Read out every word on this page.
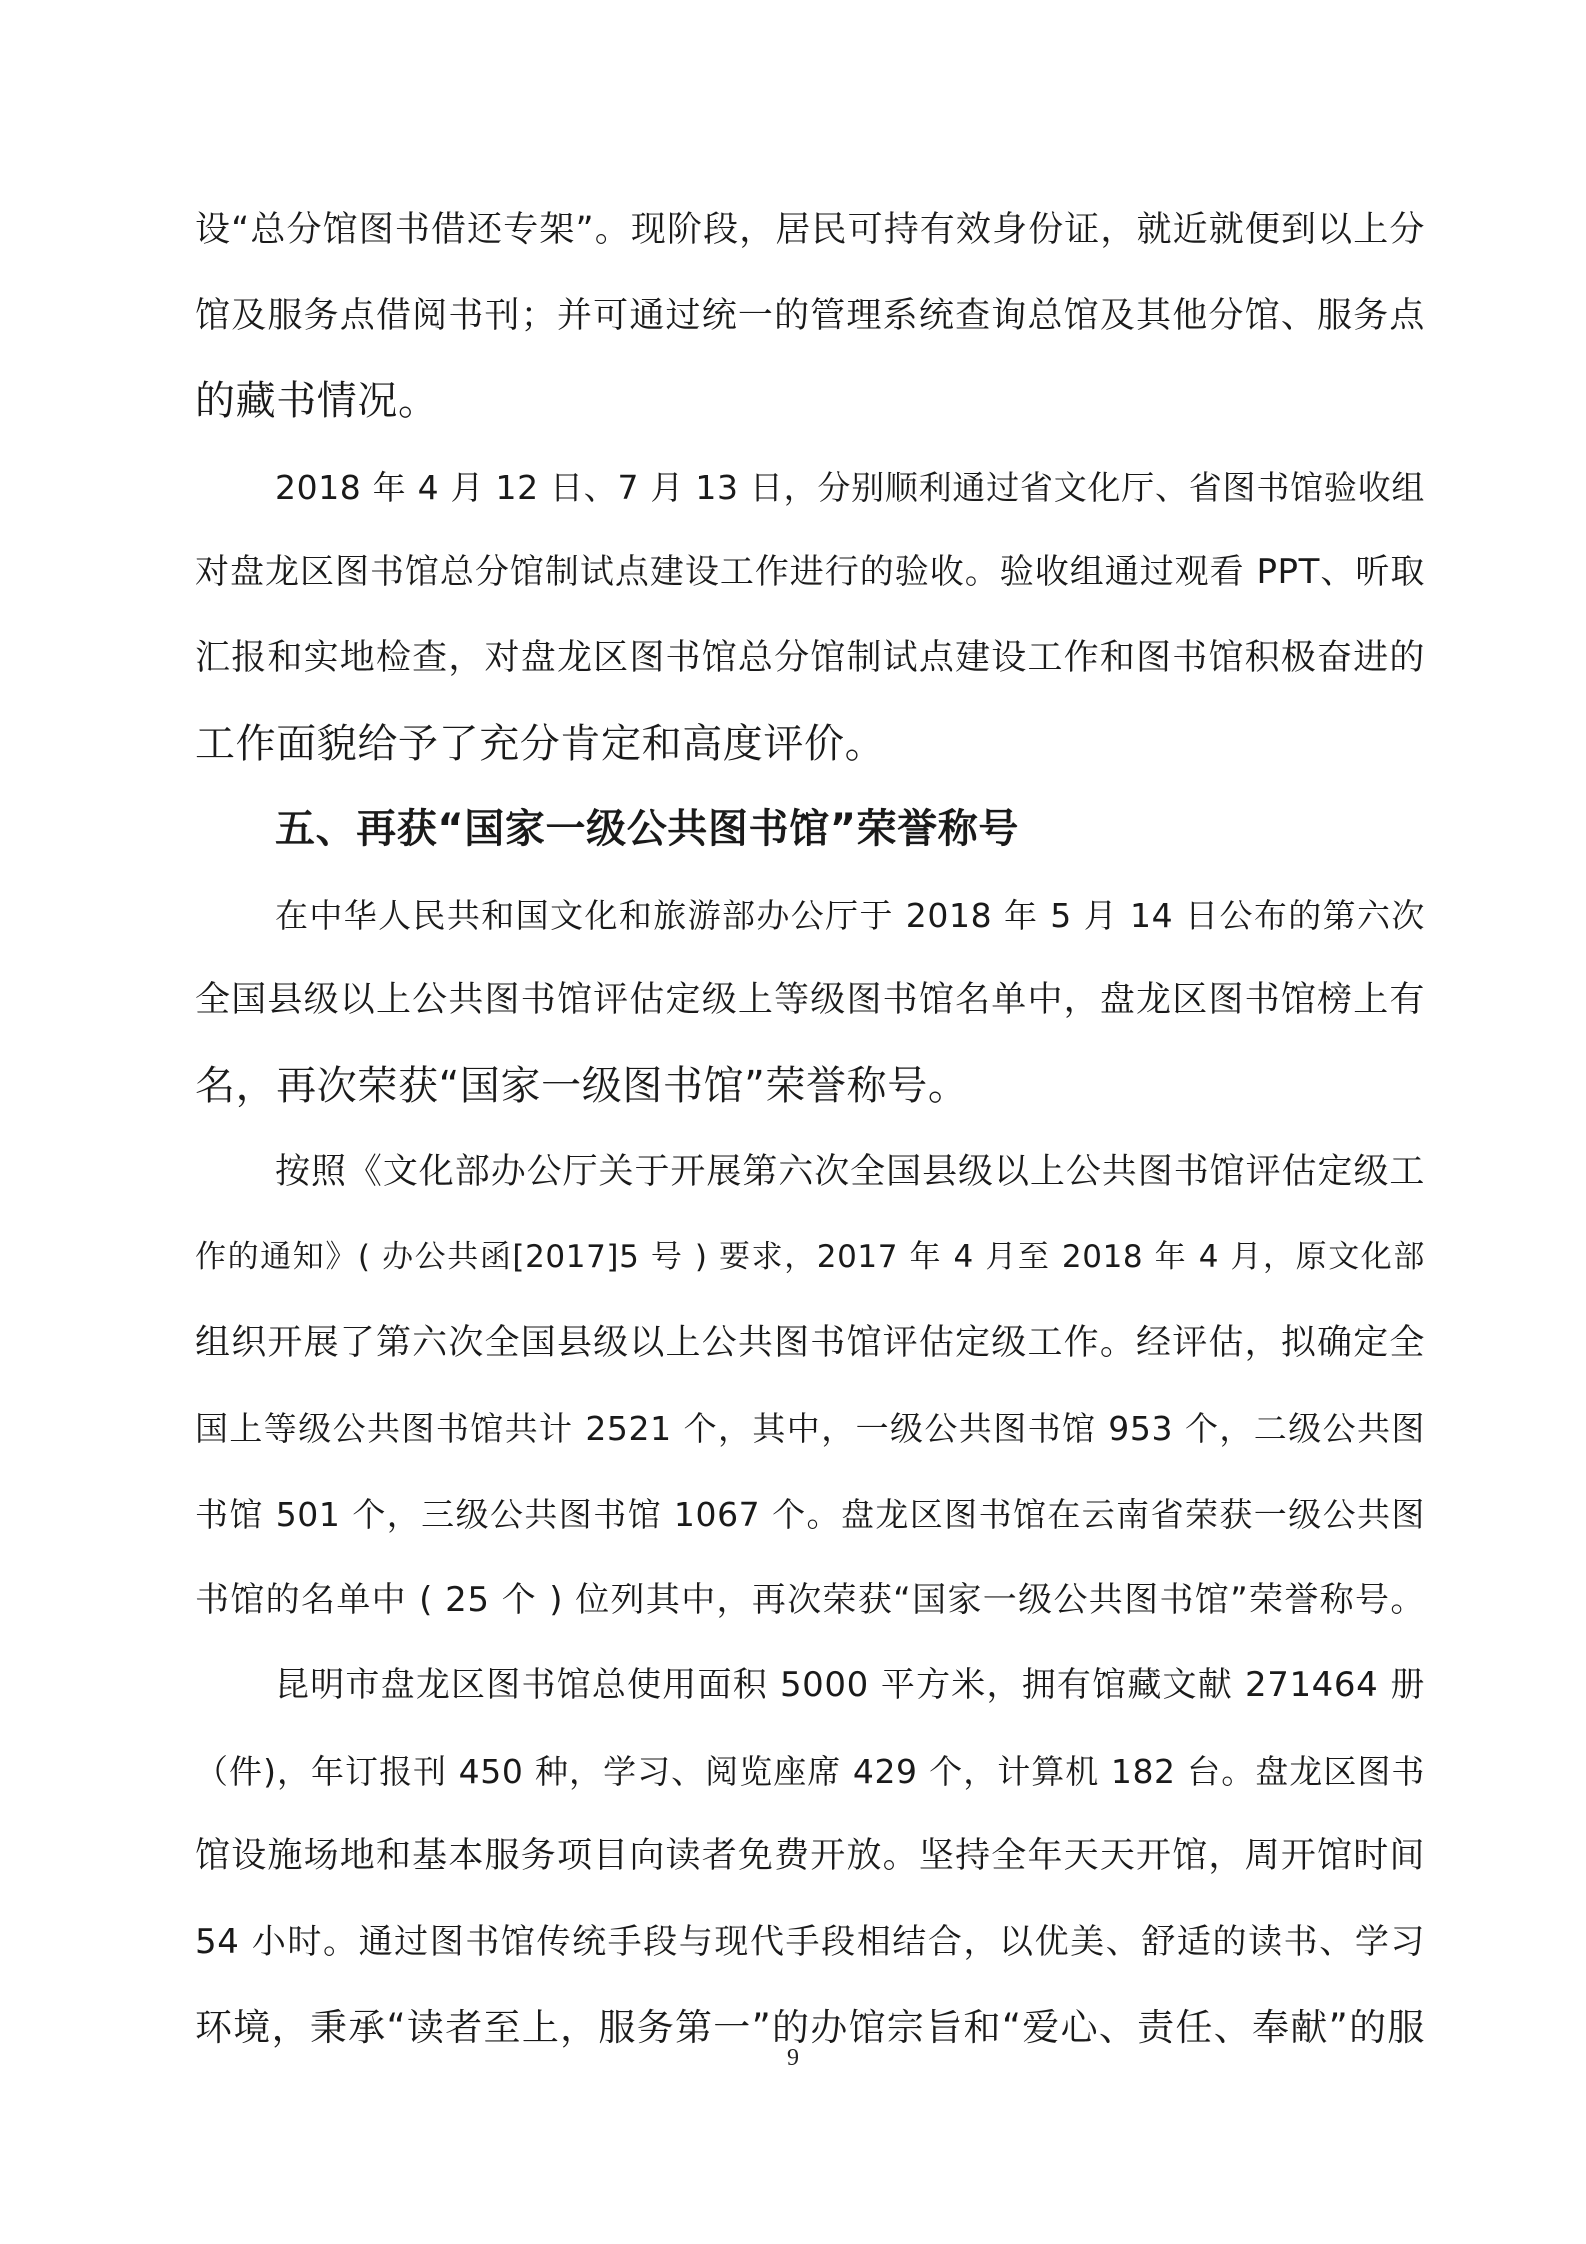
设“总分馆图书借还专架”。现阶段，居民可持有效身份证，就近就便到以上分
馆及服务点借阅书刊；并可通过统一的管理系统查询总馆及其他分馆、服务点
的藏书情况。
2018 年 4 月 12 日、7 月 13 日，分别顺利通过省文化厅、省图书馆验收组
对盘龙区图书馆总分馆制试点建设工作进行的验收。验收组通过观看 PPT、听取
汇报和实地检查，对盘龙区图书馆总分馆制试点建设工作和图书馆积极奋进的
工作面貌给予了充分肯定和高度评价。
五、再获“国家一级公共图书馆”荣誉称号
在中华人民共和国文化和旅游部办公厅于 2018 年 5 月 14 日公布的第六次
全国县级以上公共图书馆评估定级上等级图书馆名单中，盘龙区图书馆榜上有
名，再次荣获“国家一级图书馆”荣誉称号。
按照《文化部办公厅关于开展第六次全国县级以上公共图书馆评估定级工
作的通知》( 办公共函[2017]5 号 ) 要求，2017 年 4 月至 2018 年 4 月，原文化部
组织开展了第六次全国县级以上公共图书馆评估定级工作。经评估，拟确定全
国上等级公共图书馆共计 2521 个，其中，一级公共图书馆 953 个，二级公共图
书馆 501 个，三级公共图书馆 1067 个。盘龙区图书馆在云南省荣获一级公共图
书馆的名单中 ( 25 个 ) 位列其中，再次荣获“国家一级公共图书馆”荣誉称号。
昆明市盘龙区图书馆总使用面积 5000 平方米，拥有馆藏文献 271464 册
（件)，年订报刊 450 种，学习、阅览座席 429 个，计算机 182 台。盘龙区图书
馆设施场地和基本服务项目向读者免费开放。坚持全年天天开馆，周开馆时间
54 小时。通过图书馆传统手段与现代手段相结合，以优美、舒适的读书、学习
环境，秉承“读者至上，服务第一”的办馆宗旨和“爱心、责任、奉献”的服
9
